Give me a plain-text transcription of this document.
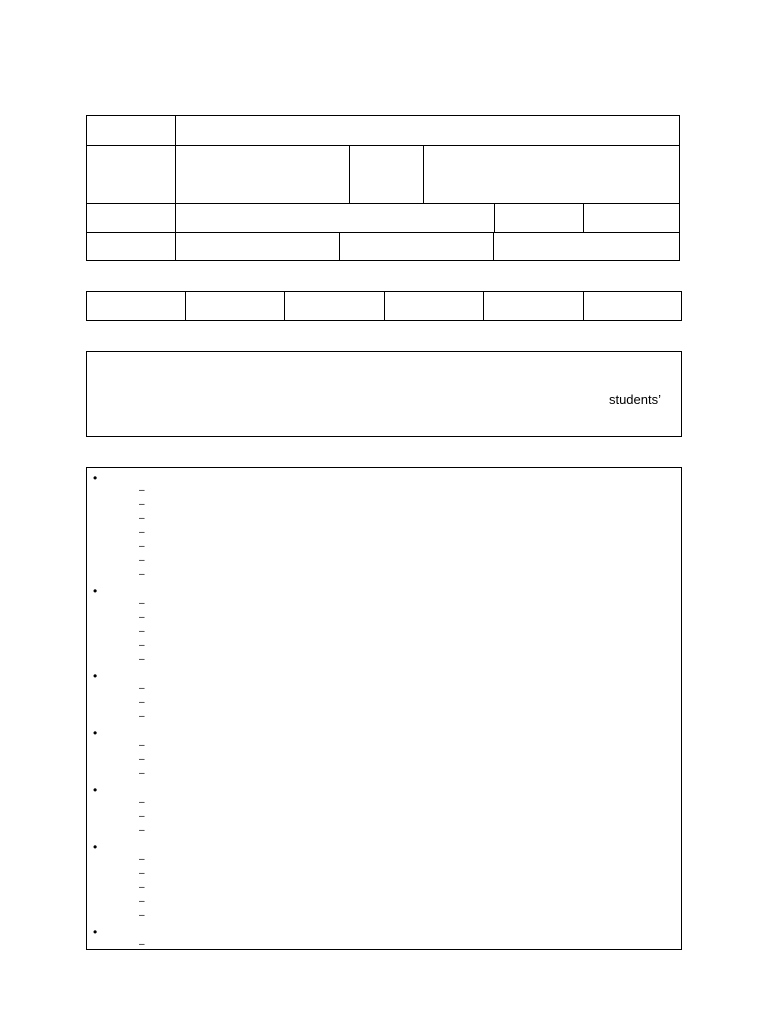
students’
•
–
–
–
–
–
–
–
•
–
–
–
–
–
•
–
–
–
•
–
–
–
•
–
–
–
•
–
–
–
–
–
•
–
